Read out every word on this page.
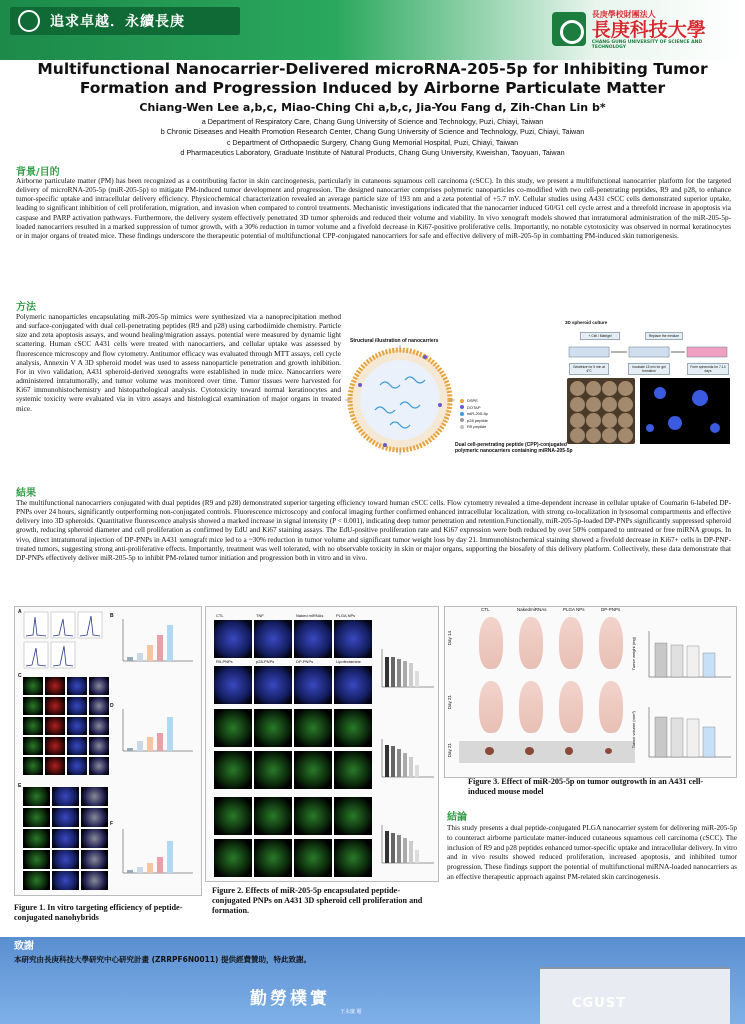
追求卓越．永續長庚	長庚學校財團法人
長庚科技大學
CHANG GUNG UNIVERSITY OF SCIENCE AND TECHNOLOGY
Multifunctional Nanocarrier-Delivered microRNA-205-5p for Inhibiting Tumor Formation and Progression Induced by Airborne Particulate Matter
Chiang-Wen Lee a,b,c, Miao-Ching Chi a,b,c, Jia-You Fang d, Zih-Chan Lin b*
a Department of Respiratory Care, Chang Gung University of Science and Technology, Puzi, Chiayi, Taiwan
b Chronic Diseases and Health Promotion Research Center, Chang Gung University of Science and Technology, Puzi, Chiayi, Taiwan
c Department of Orthopaedic Surgery, Chang Gung Memorial Hospital, Puzi, Chiayi, Taiwan
d Pharmaceutics Laboratory, Graduate Institute of Natural Products, Chang Gung University, Kweishan, Taoyuan, Taiwan
背景/目的
Airborne particulate matter (PM) has been recognized as a contributing factor in skin carcinogenesis, particularly in cutaneous squamous cell carcinoma (cSCC). In this study, we present a multifunctional nanocarrier platform for the targeted delivery of microRNA-205-5p (miR-205-5p) to mitigate PM-induced tumor development and progression. The designed nanocarrier comprises polymeric nanoparticles co-modified with two cell-penetrating peptides, R9 and p28, to enhance tumor-specific uptake and intracellular delivery efficiency. Physicochemical characterization revealed an average particle size of 193 nm and a zeta potential of +5.7 mV. Cellular studies using A431 cSCC cells demonstrated superior uptake, leading to significant inhibition of cell proliferation, migration, and invasion when compared to control treatments. Mechanistic investigations indicated that the nanocarrier induced G0/G1 cell cycle arrest and a threefold increase in apoptosis via caspase and PARP activation pathways. Furthermore, the delivery system effectively penetrated 3D tumor spheroids and reduced their volume and viability. In vivo xenograft models showed that intratumoral administration of the miR-205-5p-loaded nanocarriers resulted in a marked suppression of tumor growth, with a 30% reduction in tumor volume and a fivefold decrease in Ki67-positive proliferative cells. Importantly, no notable cytotoxicity was observed in normal keratinocytes or in major organs of treated mice. These findings underscore the therapeutic potential of multifunctional CPP-conjugated nanocarriers for safe and effective delivery of miR-205-5p in combatting PM-induced skin tumorigenesis.
方法
Polymeric nanoparticles encapsulating miR-205-5p mimics were synthesized via a nanoprecipitation method and surface-conjugated with dual cell-penetrating peptides (R9 and p28) using carbodiimide chemistry. Particle size and zeta apoptosis assays, and wound healing/migration assays. potential were measured by dynamic light scattering. Human cSCC A431 cells were treated with nanocarriers, and cellular uptake was assessed by fluorescence microscopy and flow cytometry. Antitumor efficacy was evaluated through MTT assays, cell cycle analysis, Annexin V A 3D spheroid model was used to assess nanoparticle penetration and growth inhibition. For in vivo validation, A431 spheroid-derived xenografts were established in nude mice. Nanocarriers were administered intratumorally, and tumor volume was monitored over time. Tumor tissues were harvested for Ki67 immunohistochemistry and histopathological analysis. Cytotoxicity toward normal keratinocytes and systemic toxicity were evaluated via in vitro assays and histological examination of major organs in treated mice.
Structural illustration of nanocarriers
DSPE
DOTAP
miR-205-5p
p28 peptide
R9 peptide
Dual cell-penetrating peptide (CPP)-conjugated polymeric nanocarriers containing miRNA-205-5p
3D spheroid culture
+ Cell / Matrigel	Replace the medium
Gelatinize for 5 min at 4°C
Incubate 15 min for gel formation
Form spheroids for 7-14 days
結果
The multifunctional nanocarriers conjugated with dual peptides (R9 and p28) demonstrated superior targeting efficiency toward human cSCC cells. Flow cytometry revealed a time-dependent increase in cellular uptake of Coumarin 6-labeled DP-PNPs over 24 hours, significantly outperforming non-conjugated controls. Fluorescence microscopy and confocal imaging further confirmed enhanced intracellular localization, with strong co-localization in lysosomal compartments and effective delivery into 3D spheroids. Quantitative fluorescence analysis showed a marked increase in signal intensity (P < 0.001), indicating deep tumor penetration and retention.Functionally, miR-205-5p-loaded DP-PNPs significantly suppressed spheroid growth, reducing spheroid diameter and cell proliferation as confirmed by EdU and Ki67 staining assays. The EdU-positive proliferation rate and Ki67 expression were both reduced by over 50% compared to untreated or free miRNA groups. In vivo, direct intratumoral injection of DP-PNPs in A431 xenograft mice led to a ~30% reduction in tumor volume and significant tumor weight loss by day 21. Immunohistochemical staining showed a fivefold decrease in Ki67+ cells in DP-PNP-treated tumors, suggesting strong anti-proliferative effects. Importantly, treatment was well tolerated, with no observable toxicity in skin or major organs, supporting the biosafety of this delivery platform. Collectively, these data demonstrate that DP-PNPs effectively deliver miR-205-5p to inhibit PM-related tumor initiation and progression both in vitro and in vivo.
A
B
C
D
E
F
Figure 1. In vitro targeting efficiency of peptide-conjugated nanohybrids
CTL	TNF	Naked miRNAs	PLGA NPs
R9-PNPs	p28-PNPs	DP-PNPs	Lipofectamine
Figure 2. Effects of miR-205-5p encapsulated peptide-conjugated PNPs on A431 3D spheroid cell proliferation and formation.
CTL	NakedmiRNAs	PLGA NPs	DP-PNPs
Day 14
Day 21
Day 21
Tumor weight (mg)
Tumor volume (mm³)
Figure 3. Effect of miR-205-5p on tumor outgrowth in an A431 cell-induced mouse model
結論
This study presents a dual peptide-conjugated PLGA nanocarrier system for delivering miR-205-5p to counteract airborne particulate matter-induced cutaneous squamous cell carcinoma (cSCC). The inclusion of R9 and p28 peptides enhanced tumor-specific uptake and intracellular delivery. In vitro and in vivo results showed reduced proliferation, increased apoptosis, and inhibited tumor progression. These findings support the potential of multifunctional miRNA-loaded nanocarriers as an effective therapeutic approach against PM-related skin carcinogenesis.
致謝
本研究由長庚科技大學研究中心研究計畫 (ZRRPF6N0011) 提供經費贊助，特此致謝。
勤勞樸實
王永慶 題
CGUST
